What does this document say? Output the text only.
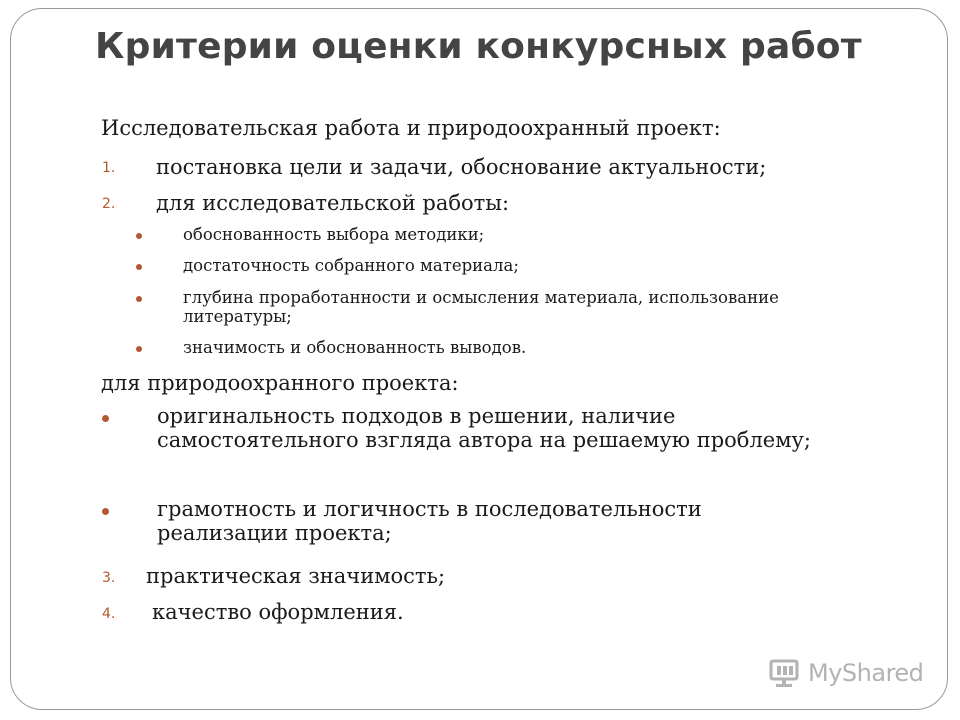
Критерии оценки конкурсных работ
Исследовательская работа и природоохранный проект:
1. постановка цели и задачи, обоснование актуальности;
2. для исследовательской работы:
обоснованность выбора методики;
достаточность собранного материала;
глубина проработанности и осмысления материала, использование литературы;
значимость и обоснованность выводов.
для природоохранного проекта:
оригинальность подходов в решении, наличие самостоятельного взгляда автора на решаемую проблему;
грамотность и логичность в последовательности реализации проекта;
3. практическая значимость;
4. качество оформления.
MyShared
